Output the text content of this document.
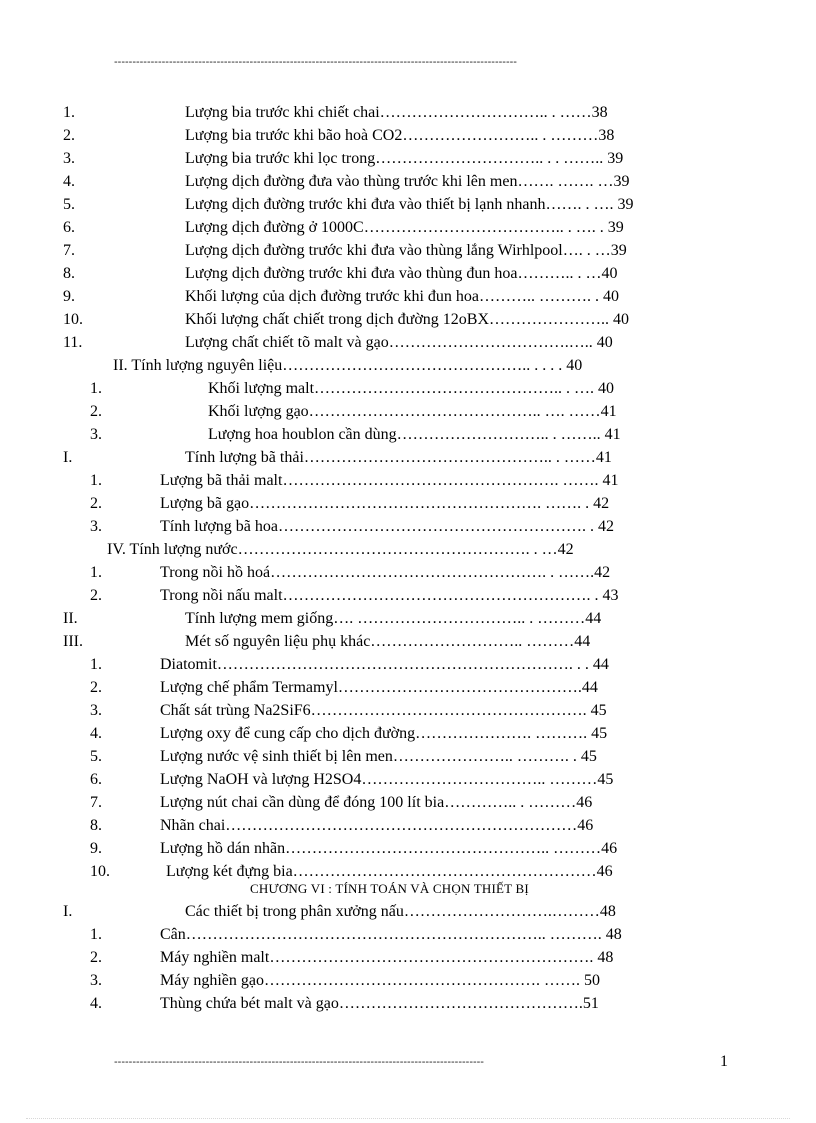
--------------------------------------------------------------------------------------------------------------
1.	Lượng bia trước khi chiết chai………………………….. . ……38
2.	Lượng bia trước khi bão hoà CO2…………………….. . ………38
3.	Lượng bia trước khi lọc trong………………………….. . . …….. 39
4.	Lượng dịch đường đưa vào thùng trước khi lên men……. ……. …39
5.	Lượng dịch đường trước khi đưa vào thiết bị lạnh nhanh……. . …. 39
6.	Lượng dịch đường ở 1000C……………………………….. . …. . 39
7.	Lượng dịch đường trước khi đưa vào thùng lắng Wirhlpool…. . …39
8.	Lượng dịch đường trước khi đưa vào thùng đun hoa……….. . …40
9.	Khối lượng của dịch đường trước khi đun hoa……….. ………. . 40
10.	Khối lượng chất chiết trong dịch đường 12oBX………………….. 40
11.	Lượng chất chiết tõ malt và gạo…………………………….….. 40
II. Tính lượng nguyên liệu……………………………………….. . . . . 40
1.	Khối lượng malt……………………………………….. . …. 40
2.	Khối lượng gạo…………………………………….. …. ……41
3.	Lượng hoa houblon cần dùng……………………….. . …….. 41
I.	Tính lượng bã thải……………………………………….. . ……41
1.	Lượng bã thải malt……………………………………………. ……. 41
2.	Lượng bã gạo………………………………………………. ……. . 42
3.	Tính lượng bã hoa…………………………………………………. . 42
IV. Tính lượng nước………………………………………………. . …42
1.	Trong nồi hồ hoá……………………………………………. . …….42
2.	Trong nồi nấu malt…………………………………………………. . 43
II.	Tính lượng mem giống…. ………………………….. . ………44
III.	Mét số nguyên liệu phụ khác……………………….. ………44
1.	Diatomit…………………………………………………………. . . 44
2.	Lượng chế phẩm Termamyl……………………………………….44
3.	Chất sát trùng Na2SiF6……………………………………………. 45
4.	Lượng oxy để cung cấp cho dịch đường…………………. ………. 45
5.	Lượng nước vệ sinh thiết bị lên men………………….. ………. . 45
6.	Lượng NaOH và lượng H2SO4…………………………….. ………45
7.	Lượng nút chai cần dùng để đóng 100 lít bia………….. . ………46
8.	Nhãn chai…………………………………………………………46
9.	Lượng hồ dán nhãn………………………………………….. ………46
10.	Lượng két đựng bia…………………………………………………46
CHƯƠNG VI : TÍNH TOÁN VÀ CHỌN THIẾT BỊ
I.	Các thiết bị trong phân xưởng nấu……………………….………48
1.	Cân………………………………………………………….. ………. 48
2.	Máy nghiền malt……………………………………………………. 48
3.	Máy nghiền gạo……………………………………………. ……. 50
4.	Thùng chứa bét malt và gạo……………………………………….51
-----------------------------------------------------------------------------------------------------	1
